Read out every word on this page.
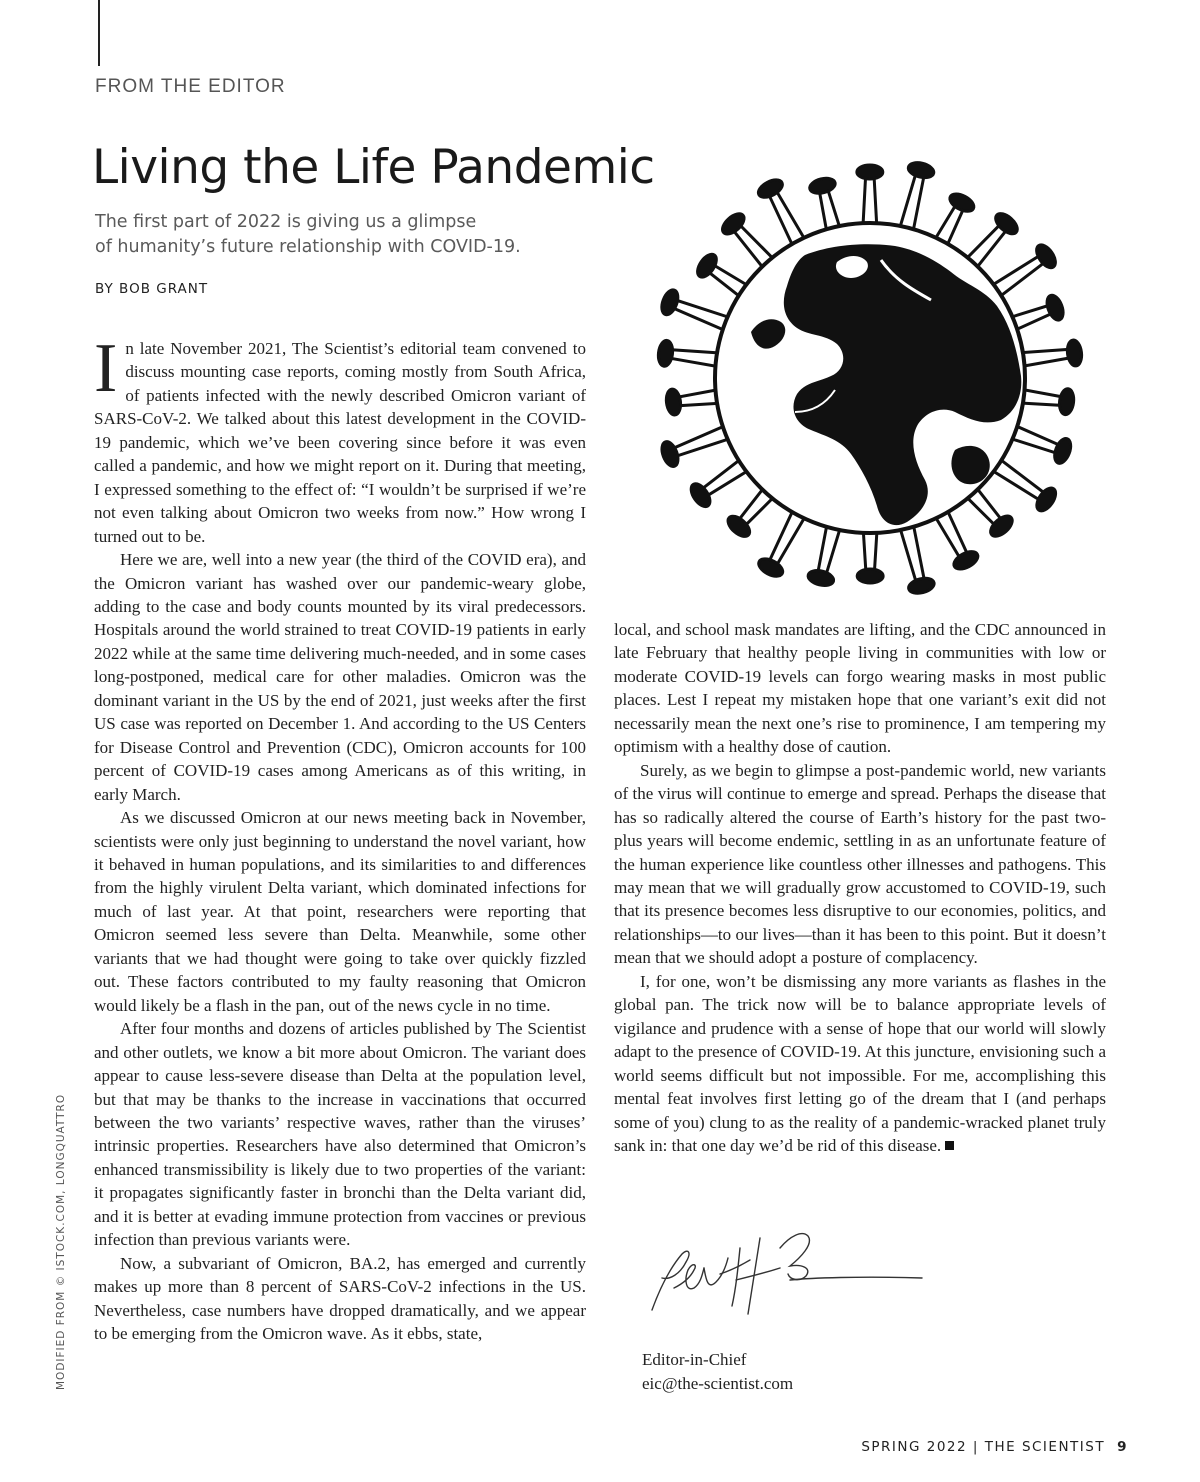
FROM THE EDITOR
Living the Life Pandemic
The first part of 2022 is giving us a glimpse
of humanity’s future relationship with COVID-19.
BY BOB GRANT

In late November 2021, The Scientist’s editorial team convened to discuss mounting case reports, coming mostly from South Africa, of patients infected with the newly described Omicron variant of SARS-CoV-2. We talked about this latest development in the COVID-19 pandemic, which we’ve been covering since before it was even called a pandemic, and how we might report on it. During that meeting, I expressed something to the effect of: “I wouldn’t be surprised if we’re not even talking about Omicron two weeks from now.” How wrong I turned out to be.

Here we are, well into a new year (the third of the COVID era), and the Omicron variant has washed over our pandemic-weary globe, adding to the case and body counts mounted by its viral predecessors. Hospitals around the world strained to treat COVID-19 patients in early 2022 while at the same time delivering much-needed, and in some cases long-postponed, medical care for other maladies. Omicron was the dominant variant in the US by the end of 2021, just weeks after the first US case was reported on December 1. And according to the US Centers for Disease Control and Prevention (CDC), Omicron accounts for 100 percent of COVID-19 cases among Americans as of this writing, in early March.

As we discussed Omicron at our news meeting back in November, scientists were only just beginning to understand the novel variant, how it behaved in human populations, and its similarities to and differences from the highly virulent Delta variant, which dominated infections for much of last year. At that point, researchers were reporting that Omicron seemed less severe than Delta. Meanwhile, some other variants that we had thought were going to take over quickly fizzled out. These factors contributed to my faulty reasoning that Omicron would likely be a flash in the pan, out of the news cycle in no time.

After four months and dozens of articles published by The Scientist and other outlets, we know a bit more about Omicron. The variant does appear to cause less-severe disease than Delta at the population level, but that may be thanks to the increase in vaccinations that occurred between the two variants’ respective waves, rather than the viruses’ intrinsic properties. Researchers have also determined that Omicron’s enhanced transmissibility is likely due to two properties of the variant: it propagates significantly faster in bronchi than the Delta variant did, and it is better at evading immune protection from vaccines or previous infection than previous variants were.

Now, a subvariant of Omicron, BA.2, has emerged and currently makes up more than 8 percent of SARS-CoV-2 infections in the US. Nevertheless, case numbers have dropped dramatically, and we appear to be emerging from the Omicron wave. As it ebbs, state,

local, and school mask mandates are lifting, and the CDC announced in late February that healthy people living in communities with low or moderate COVID-19 levels can forgo wearing masks in most public places. Lest I repeat my mistaken hope that one variant’s exit did not necessarily mean the next one’s rise to prominence, I am tempering my optimism with a healthy dose of caution.

Surely, as we begin to glimpse a post-pandemic world, new variants of the virus will continue to emerge and spread. Perhaps the disease that has so radically altered the course of Earth’s history for the past two-plus years will become endemic, settling in as an unfortunate feature of the human experience like countless other illnesses and pathogens. This may mean that we will gradually grow accustomed to COVID-19, such that its presence becomes less disruptive to our economies, politics, and relationships—to our lives—than it has been to this point. But it doesn’t mean that we should adopt a posture of complacency.

I, for one, won’t be dismissing any more variants as flashes in the global pan. The trick now will be to balance appropriate levels of vigilance and prudence with a sense of hope that our world will slowly adapt to the presence of COVID-19. At this juncture, envisioning such a world seems difficult but not impossible. For me, accomplishing this mental feat involves first letting go of the dream that I (and perhaps some of you) clung to as the reality of a pandemic-wracked planet truly sank in: that one day we’d be rid of this disease.

Editor-in-Chief
eic@the-scientist.com
MODIFIED FROM © ISTOCK.COM, LONGQUATTRO
SPRING 2022 | THE SCIENTIST 9
